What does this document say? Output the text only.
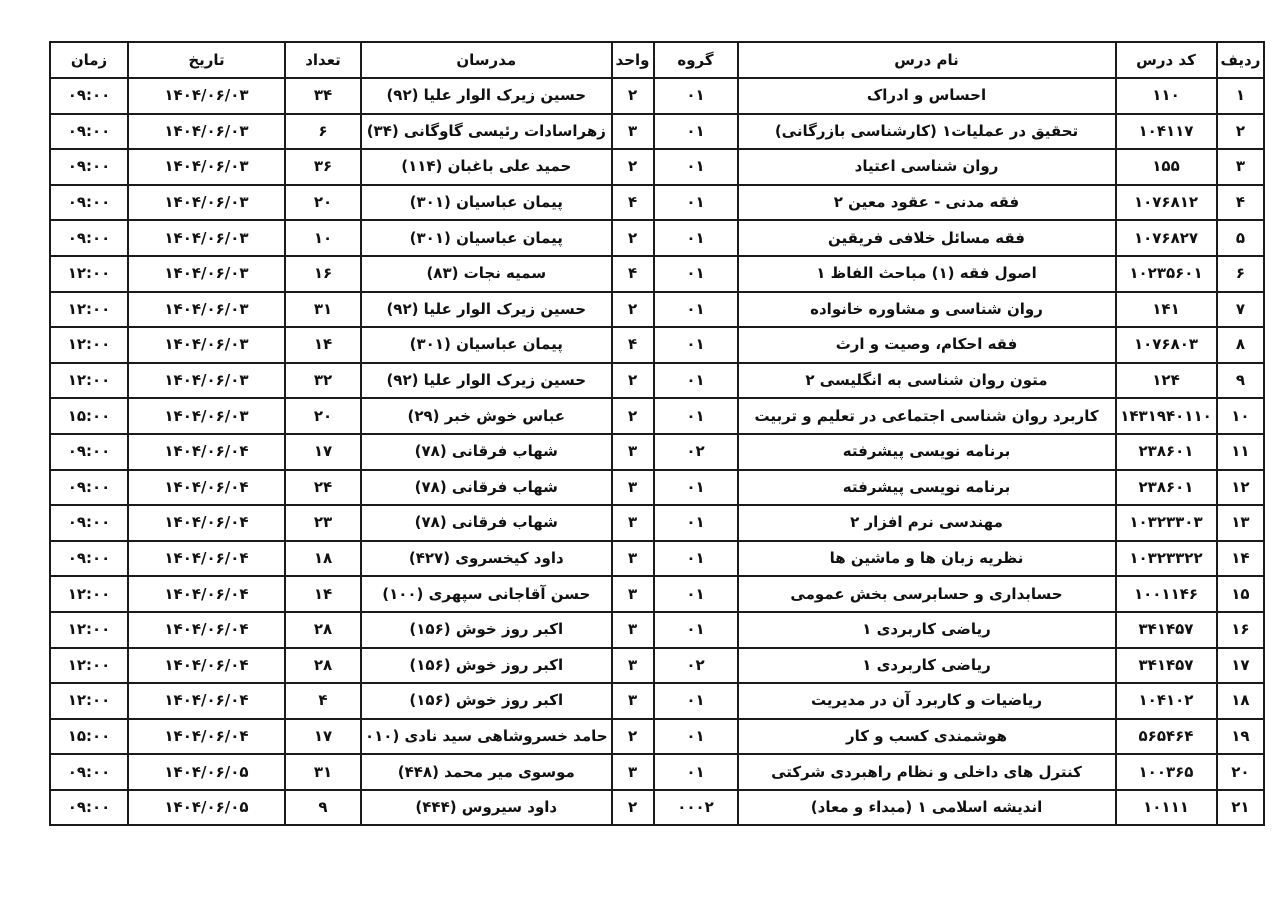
ردیف	کد درس	نام درس	گروه	واحد	مدرسان	تعداد	تاریخ	زمان
۱	۱۱۰	احساس و ادراک	۰۱	۲	حسین زیرک الوار علیا (۹۲)	۳۴	۱۴۰۴/۰۶/۰۳	۰۹:۰۰
۲	۱۰۴۱۱۷	تحقیق در عملیات۱ (کارشناسی بازرگانی)	۰۱	۳	زهراسادات رئیسی گاوگانی (۳۴)	۶	۱۴۰۴/۰۶/۰۳	۰۹:۰۰
۳	۱۵۵	روان شناسی اعتیاد	۰۱	۲	حمید علی باغبان (۱۱۴)	۳۶	۱۴۰۴/۰۶/۰۳	۰۹:۰۰
۴	۱۰۷۶۸۱۲	فقه مدنی - عقود معین ۲	۰۱	۴	پیمان عباسیان (۳۰۱)	۲۰	۱۴۰۴/۰۶/۰۳	۰۹:۰۰
۵	۱۰۷۶۸۲۷	فقه مسائل خلافی فریقین	۰۱	۲	پیمان عباسیان (۳۰۱)	۱۰	۱۴۰۴/۰۶/۰۳	۰۹:۰۰
۶	۱۰۲۳۵۶۰۱	اصول فقه (۱) مباحث الفاظ ۱	۰۱	۴	سمیه نجات (۸۳)	۱۶	۱۴۰۴/۰۶/۰۳	۱۲:۰۰
۷	۱۴۱	روان شناسی و مشاوره خانواده	۰۱	۲	حسین زیرک الوار علیا (۹۲)	۳۱	۱۴۰۴/۰۶/۰۳	۱۲:۰۰
۸	۱۰۷۶۸۰۳	فقه احکام، وصیت و ارث	۰۱	۴	پیمان عباسیان (۳۰۱)	۱۴	۱۴۰۴/۰۶/۰۳	۱۲:۰۰
۹	۱۲۴	متون روان شناسی به انگلیسی ۲	۰۱	۲	حسین زیرک الوار علیا (۹۲)	۳۲	۱۴۰۴/۰۶/۰۳	۱۲:۰۰
۱۰	۱۴۳۱۹۴۰۱۱۰	کاربرد روان شناسی اجتماعی در تعلیم و تربیت	۰۱	۲	عباس خوش خبر (۲۹)	۲۰	۱۴۰۴/۰۶/۰۳	۱۵:۰۰
۱۱	۲۳۸۶۰۱	برنامه نویسی پیشرفته	۰۲	۳	شهاب فرقانی (۷۸)	۱۷	۱۴۰۴/۰۶/۰۴	۰۹:۰۰
۱۲	۲۳۸۶۰۱	برنامه نویسی پیشرفته	۰۱	۳	شهاب فرقانی (۷۸)	۲۴	۱۴۰۴/۰۶/۰۴	۰۹:۰۰
۱۳	۱۰۳۲۳۳۰۳	مهندسی نرم افزار ۲	۰۱	۳	شهاب فرقانی (۷۸)	۲۳	۱۴۰۴/۰۶/۰۴	۰۹:۰۰
۱۴	۱۰۳۲۳۳۲۲	نظریه زبان ها و ماشین ها	۰۱	۳	داود کیخسروی (۴۲۷)	۱۸	۱۴۰۴/۰۶/۰۴	۰۹:۰۰
۱۵	۱۰۰۱۱۴۶	حسابداری و حسابرسی بخش عمومی	۰۱	۳	حسن آقاجانی سپهری (۱۰۰)	۱۴	۱۴۰۴/۰۶/۰۴	۱۲:۰۰
۱۶	۳۴۱۴۵۷	ریاضی کاربردی ۱	۰۱	۳	اکبر روز خوش (۱۵۶)	۲۸	۱۴۰۴/۰۶/۰۴	۱۲:۰۰
۱۷	۳۴۱۴۵۷	ریاضی کاربردی ۱	۰۲	۳	اکبر روز خوش (۱۵۶)	۲۸	۱۴۰۴/۰۶/۰۴	۱۲:۰۰
۱۸	۱۰۴۱۰۲	ریاضیات و کاربرد آن در مدیریت	۰۱	۳	اکبر روز خوش (۱۵۶)	۴	۱۴۰۴/۰۶/۰۴	۱۲:۰۰
۱۹	۵۶۵۴۶۴	هوشمندی کسب و کار	۰۱	۲	حامد خسروشاهی سید نادی (۰۱۰	۱۷	۱۴۰۴/۰۶/۰۴	۱۵:۰۰
۲۰	۱۰۰۳۶۵	کنترل های داخلی و نظام راهبردی شرکتی	۰۱	۳	موسوی میر محمد (۴۴۸)	۳۱	۱۴۰۴/۰۶/۰۵	۰۹:۰۰
۲۱	۱۰۱۱۱	اندیشه اسلامی ۱ (مبداء و معاد)	۰۰۰۲	۲	داود سیروس (۴۴۴)	۹	۱۴۰۴/۰۶/۰۵	۰۹:۰۰
